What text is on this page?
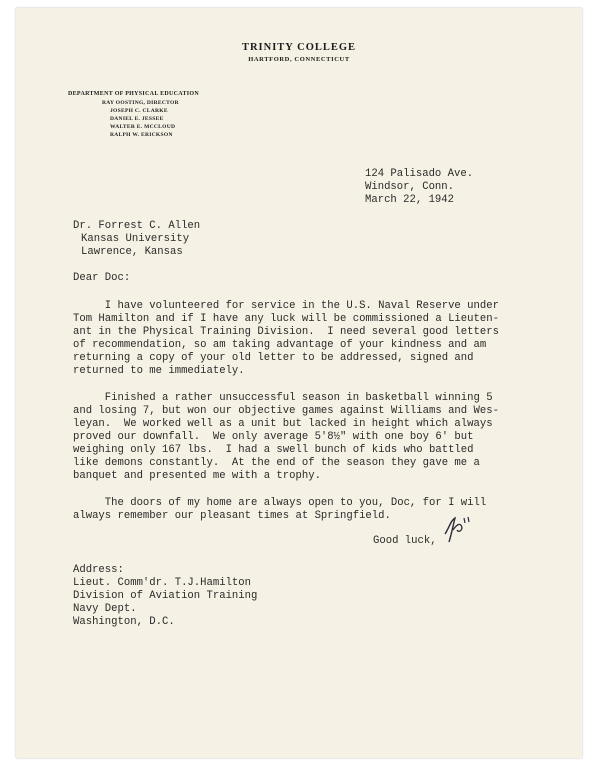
TRINITY COLLEGE
HARTFORD, CONNECTICUT
DEPARTMENT OF PHYSICAL EDUCATION
RAY OOSTING, DIRECTOR
JOSEPH C. CLARKE
DANIEL E. JESSEE
WALTER E. MCCLOUD
RALPH W. ERICKSON
124 Palisado Ave.
Windsor, Conn.
March 22, 1942
Dr. Forrest C. Allen
Kansas University
Lawrence, Kansas
Dear Doc:
I have volunteered for service in the U.S. Naval Reserve under
Tom Hamilton and if I have any luck will be commissioned a Lieuten-
ant in the Physical Training Division.  I need several good letters
of recommendation, so am taking advantage of your kindness and am
returning a copy of your old letter to be addressed, signed and
returned to me immediately.
Finished a rather unsuccessful season in basketball winning 5
and losing 7, but won our objective games against Williams and Wes-
leyan.  We worked well as a unit but lacked in height which always
proved our downfall.  We only average 5'8½" with one boy 6' but
weighing only 167 lbs.  I had a swell bunch of kids who battled
like demons constantly.  At the end of the season they gave me a
banquet and presented me with a trophy.
The doors of my home are always open to you, Doc, for I will
always remember our pleasant times at Springfield.
Good luck,
Address:
Lieut. Comm'dr. T.J.Hamilton
Division of Aviation Training
Navy Dept.
Washington, D.C.
